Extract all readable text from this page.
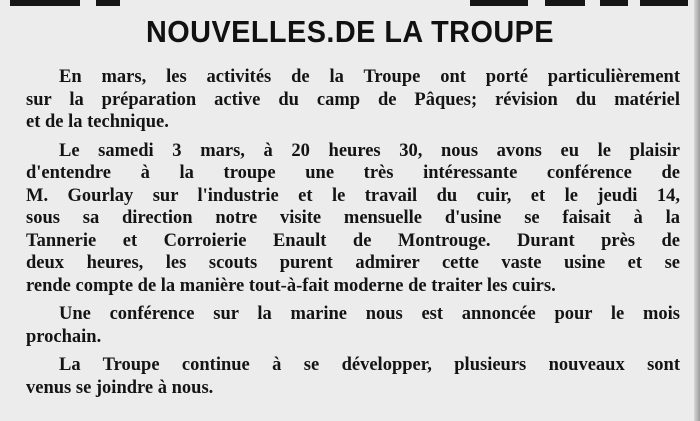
NOUVELLES.DE LA TROUPE

En mars, les activités de la Troupe ont porté particulièrement
sur la préparation active du camp de Pâques; révision du matériel
et de la technique.

Le samedi 3 mars, à 20 heures 30, nous avons eu le plaisir
d'entendre à la troupe une très intéressante conférence de
M. Gourlay sur l'industrie et le travail du cuir, et le jeudi 14,
sous sa direction notre visite mensuelle d'usine se faisait à la
Tannerie et Corroierie Enault de Montrouge. Durant près de
deux heures, les scouts purent admirer cette vaste usine et se
rende compte de la manière tout-à-fait moderne de traiter les cuirs.

Une conférence sur la marine nous est annoncée pour le mois
prochain.

La Troupe continue à se développer, plusieurs nouveaux sont
venus se joindre à nous.
